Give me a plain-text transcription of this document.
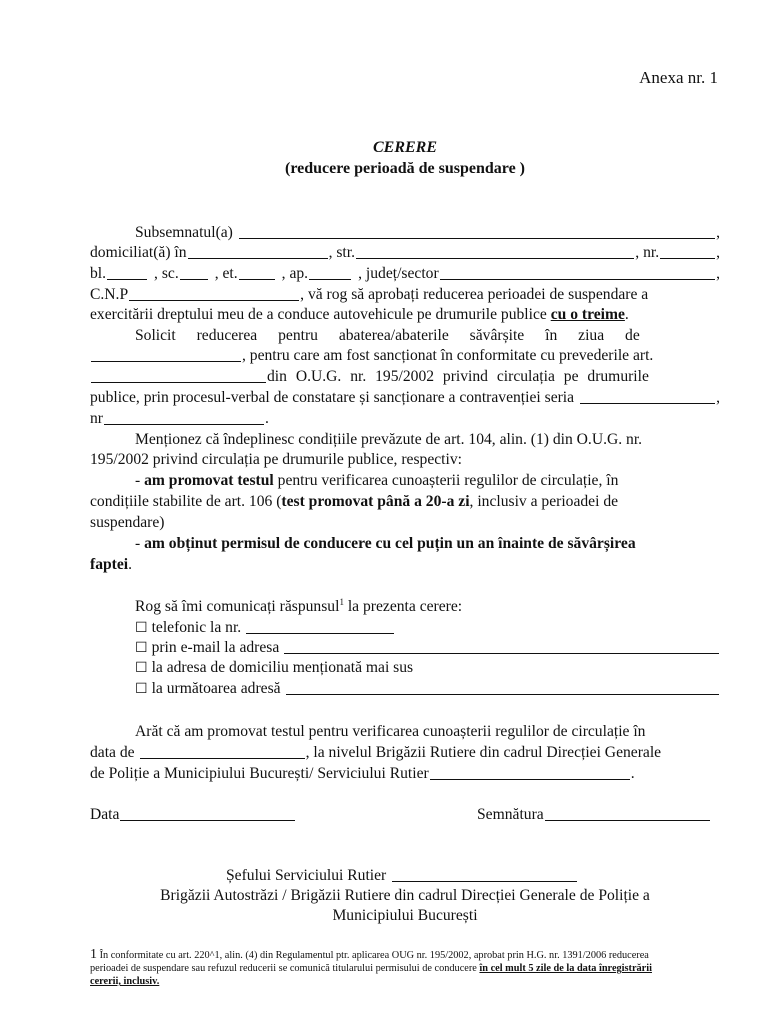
Anexa nr. 1
CERERE
(reducere perioadă de suspendare )
Subsemnatul(a)	,
domiciliat(ă) în	, str.	, nr.	,
bl.	, sc. , et.	, ap.	, județ/sector	,
C.N.P	, vă rog să aprobați reducerea perioadei de suspendare a
exercitării dreptului meu de a conduce autovehicule pe drumurile publice cu o treime.
Solicit reducerea pentru abaterea/abaterile săvârșite în ziua de
, pentru care am fost sancționat în conformitate cu prevederile art.
din O.U.G. nr. 195/2002 privind circulația pe drumurile
publice, prin procesul-verbal de constatare și sancționare a contravenției seria	,
nr	.
Menționez că îndeplinesc condițiile prevăzute de art. 104, alin. (1) din O.U.G. nr.
195/2002 privind circulația pe drumurile publice, respectiv:
- am promovat testul pentru verificarea cunoașterii regulilor de circulație, în
condițiile stabilite de art. 106 (test promovat până a 20-a zi, inclusiv a perioadei de
suspendare)
- am obținut permisul de conducere cu cel puțin un an înainte de săvârșirea
faptei.
Rog să îmi comunicați răspunsul$^1$ la prezenta cerere:
☐ telefonic la nr.
☐ prin e-mail la adresa
☐ la adresa de domiciliu menționată mai sus
☐ la următoarea adresă
Arăt că am promovat testul pentru verificarea cunoașterii regulilor de circulație în
data de	, la nivelul Brigăzii Rutiere din cadrul Direcției Generale
de Poliție a Municipiului București/ Serviciului Rutier	.
Data	Semnătura
Șefului Serviciului Rutier
Brigăzii Autostrăzi / Brigăzii Rutiere din cadrul Direcției Generale de Poliție a
Municipiului București
1 În conformitate cu art. 220^1, alin. (4) din Regulamentul ptr. aplicarea OUG nr. 195/2002, aprobat prin H.G. nr. 1391/2006 reducerea
perioadei de suspendare sau refuzul reducerii se comunică titularului permisului de conducere în cel mult 5 zile de la data înregistrării
cererii, inclusiv.
